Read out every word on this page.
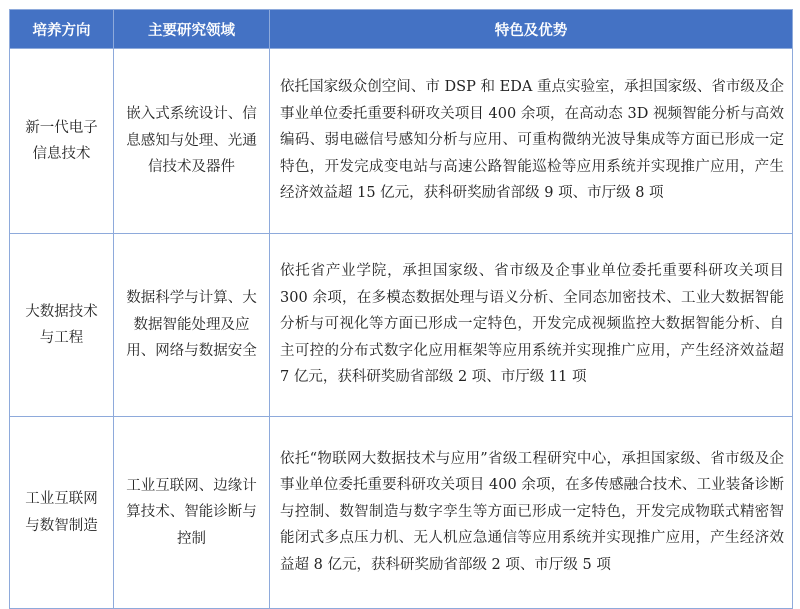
培养方向	主要研究领域	特色及优势
新一代电子信息技术	嵌入式系统设计、信息感知与处理、光通信技术及器件	依托国家级众创空间、市 DSP 和 EDA 重点实验室，承担国家级、省市级及企事业单位委托重要科研攻关项目 400 余项，在高动态 3D 视频智能分析与高效编码、弱电磁信号感知分析与应用、可重构微纳光波导集成等方面已形成一定特色，开发完成变电站与高速公路智能巡检等应用系统并实现推广应用，产生经济效益超 15 亿元，获科研奖励省部级 9 项、市厅级 8 项
大数据技术与工程	数据科学与计算、大数据智能处理及应用、网络与数据安全	依托省产业学院，承担国家级、省市级及企事业单位委托重要科研攻关项目 300 余项，在多模态数据处理与语义分析、全同态加密技术、工业大数据智能分析与可视化等方面已形成一定特色，开发完成视频监控大数据智能分析、自主可控的分布式数字化应用框架等应用系统并实现推广应用，产生经济效益超 7 亿元，获科研奖励省部级 2 项、市厅级 11 项
工业互联网与数智制造	工业互联网、边缘计算技术、智能诊断与控制	依托“物联网大数据技术与应用”省级工程研究中心，承担国家级、省市级及企事业单位委托重要科研攻关项目 400 余项，在多传感融合技术、工业装备诊断与控制、数智制造与数字孪生等方面已形成一定特色，开发完成物联式精密智能闭式多点压力机、无人机应急通信等应用系统并实现推广应用，产生经济效益超 8 亿元，获科研奖励省部级 2 项、市厅级 5 项
